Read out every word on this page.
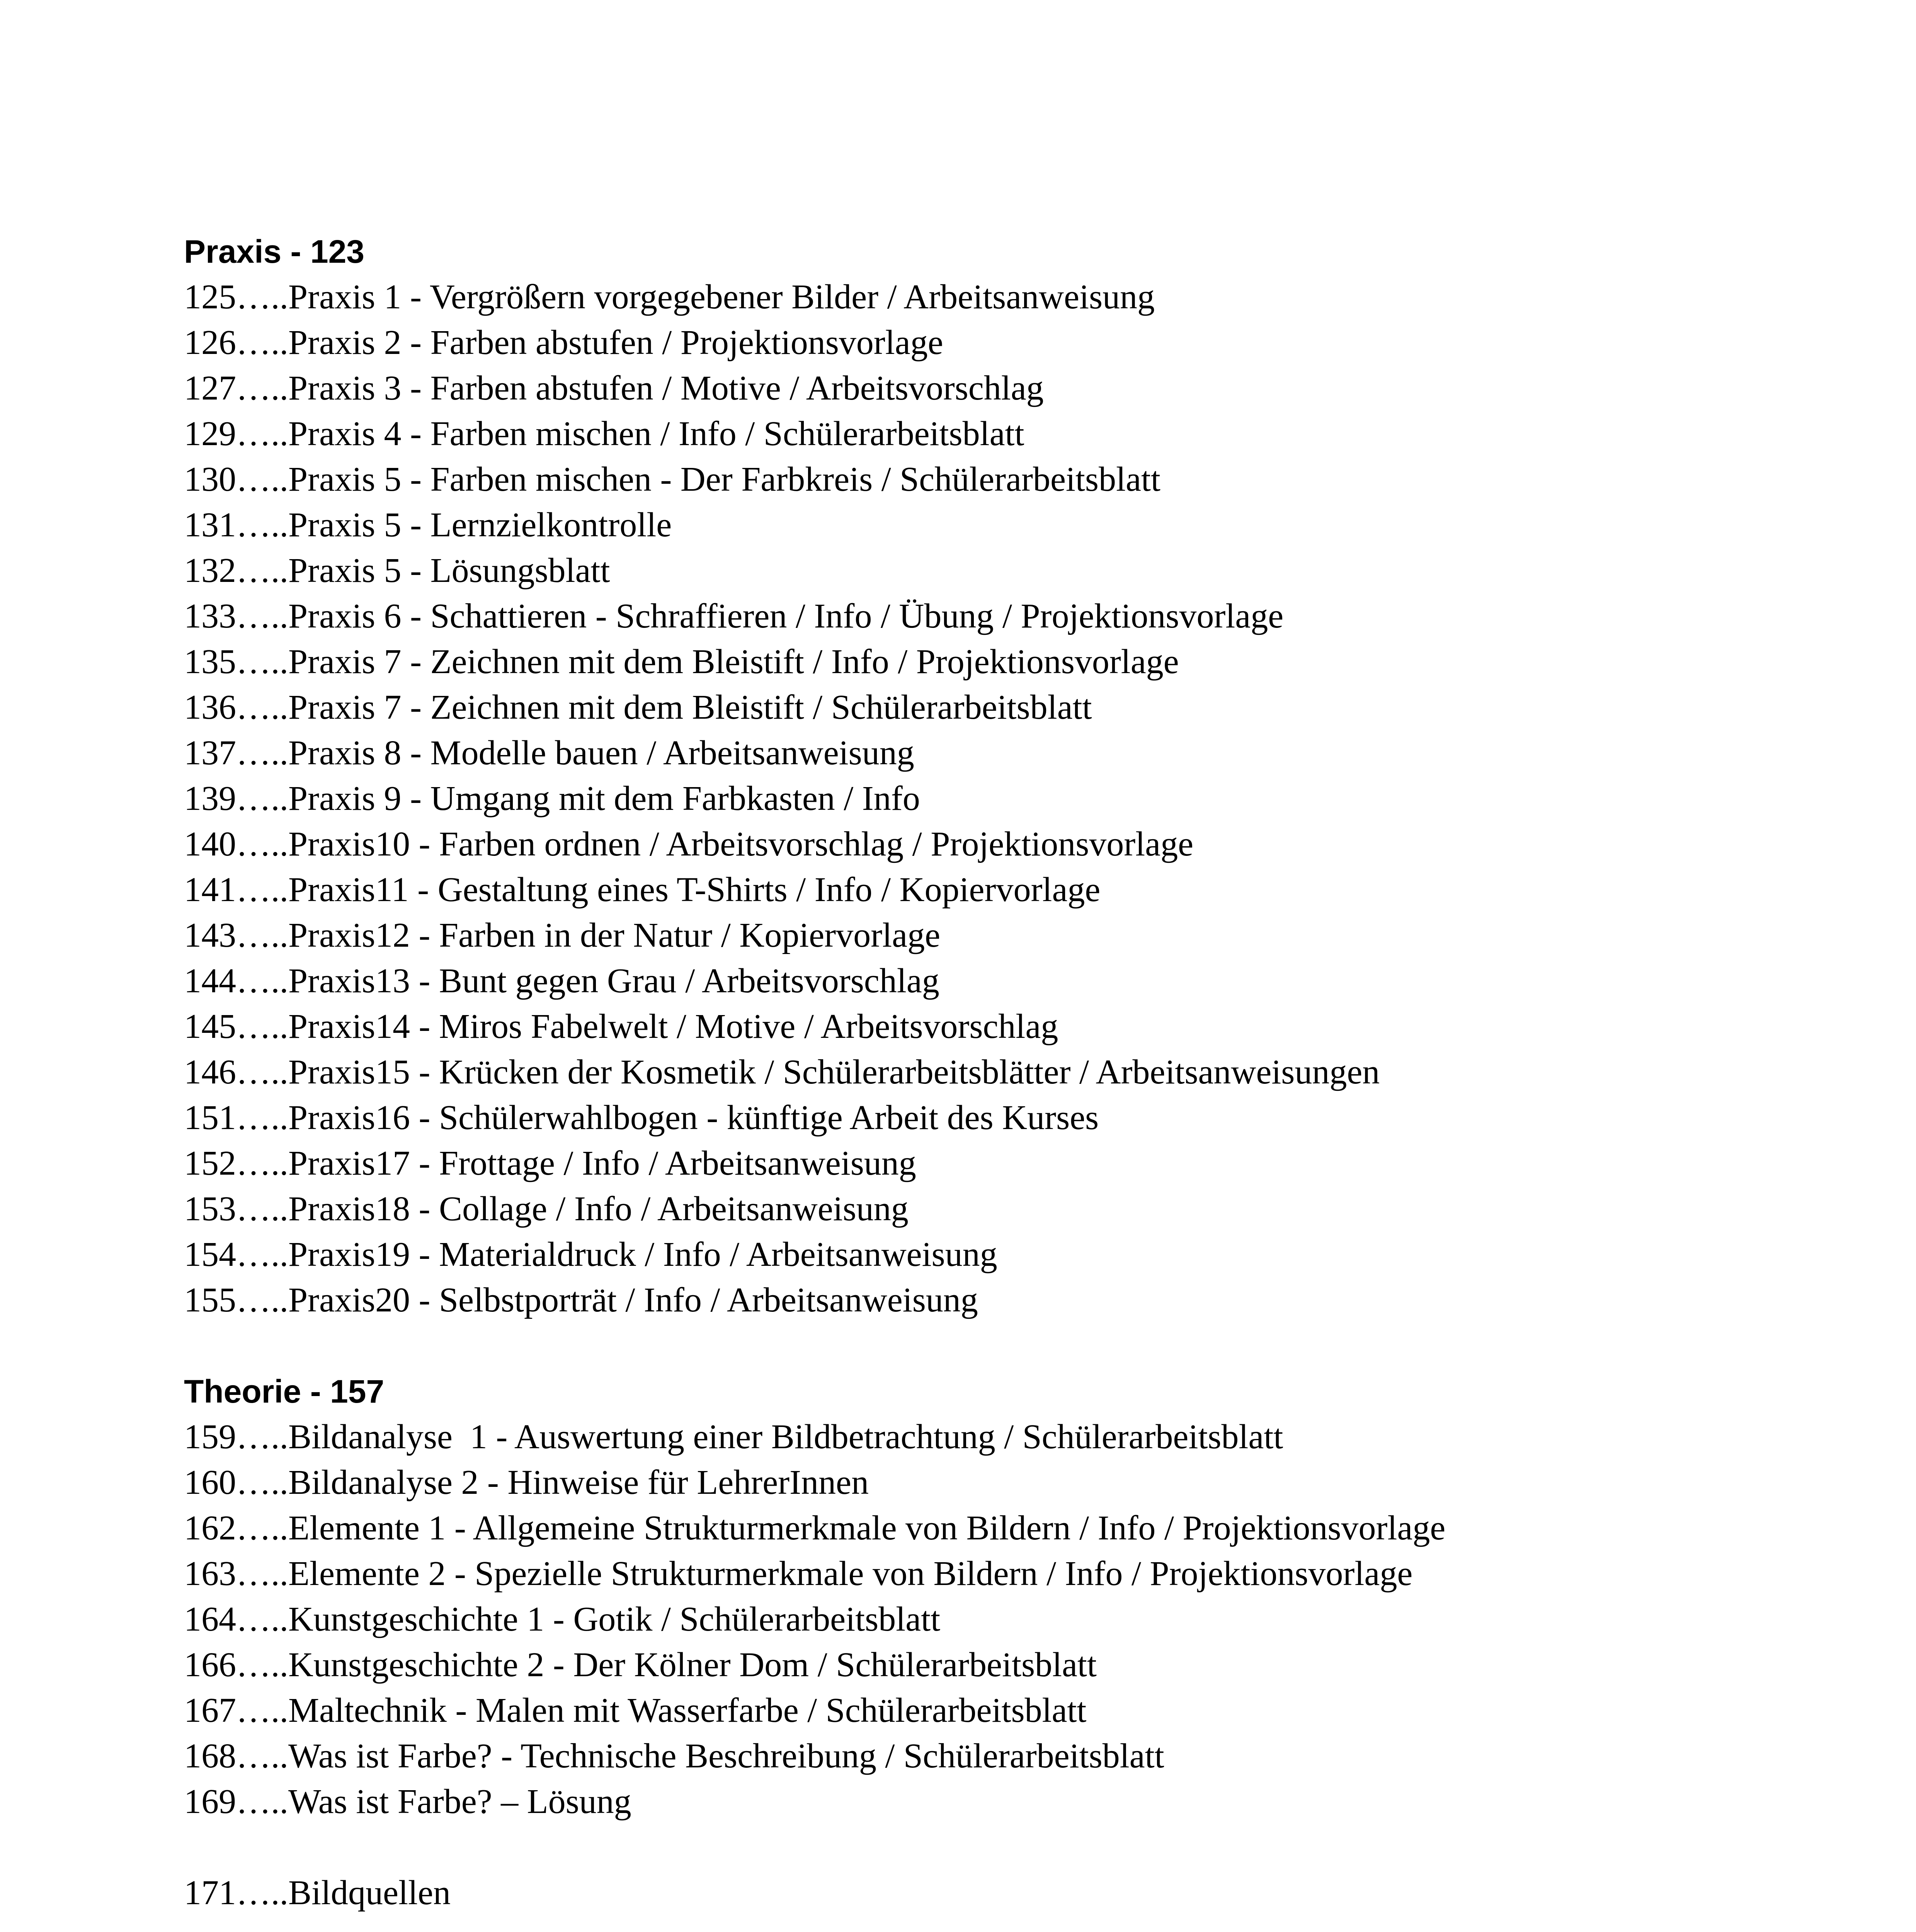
Praxis - 123
125…..Praxis 1 - Vergrößern vorgegebener Bilder / Arbeitsanweisung
126…..Praxis 2 - Farben abstufen / Projektionsvorlage
127…..Praxis 3 - Farben abstufen / Motive / Arbeitsvorschlag
129…..Praxis 4 - Farben mischen / Info / Schülerarbeitsblatt
130…..Praxis 5 - Farben mischen - Der Farbkreis / Schülerarbeitsblatt
131…..Praxis 5 - Lernzielkontrolle
132…..Praxis 5 - Lösungsblatt
133…..Praxis 6 - Schattieren - Schraffieren / Info / Übung / Projektionsvorlage
135…..Praxis 7 - Zeichnen mit dem Bleistift / Info / Projektionsvorlage
136…..Praxis 7 - Zeichnen mit dem Bleistift / Schülerarbeitsblatt
137…..Praxis 8 - Modelle bauen / Arbeitsanweisung
139…..Praxis 9 - Umgang mit dem Farbkasten / Info
140…..Praxis10 - Farben ordnen / Arbeitsvorschlag / Projektionsvorlage
141…..Praxis11 - Gestaltung eines T-Shirts / Info / Kopiervorlage
143…..Praxis12 - Farben in der Natur / Kopiervorlage
144…..Praxis13 - Bunt gegen Grau / Arbeitsvorschlag
145…..Praxis14 - Miros Fabelwelt / Motive / Arbeitsvorschlag
146…..Praxis15 - Krücken der Kosmetik / Schülerarbeitsblätter / Arbeitsanweisungen
151…..Praxis16 - Schülerwahlbogen - künftige Arbeit des Kurses
152…..Praxis17 - Frottage / Info / Arbeitsanweisung
153…..Praxis18 - Collage / Info / Arbeitsanweisung
154…..Praxis19 - Materialdruck / Info / Arbeitsanweisung
155…..Praxis20 - Selbstporträt / Info / Arbeitsanweisung
Theorie - 157
159…..Bildanalyse  1 - Auswertung einer Bildbetrachtung / Schülerarbeitsblatt
160…..Bildanalyse 2 - Hinweise für LehrerInnen
162…..Elemente 1 - Allgemeine Strukturmerkmale von Bildern / Info / Projektionsvorlage
163…..Elemente 2 - Spezielle Strukturmerkmale von Bildern / Info / Projektionsvorlage
164…..Kunstgeschichte 1 - Gotik / Schülerarbeitsblatt
166…..Kunstgeschichte 2 - Der Kölner Dom / Schülerarbeitsblatt
167…..Maltechnik - Malen mit Wasserfarbe / Schülerarbeitsblatt
168…..Was ist Farbe? - Technische Beschreibung / Schülerarbeitsblatt
169…..Was ist Farbe? – Lösung
171…..Bildquellen
